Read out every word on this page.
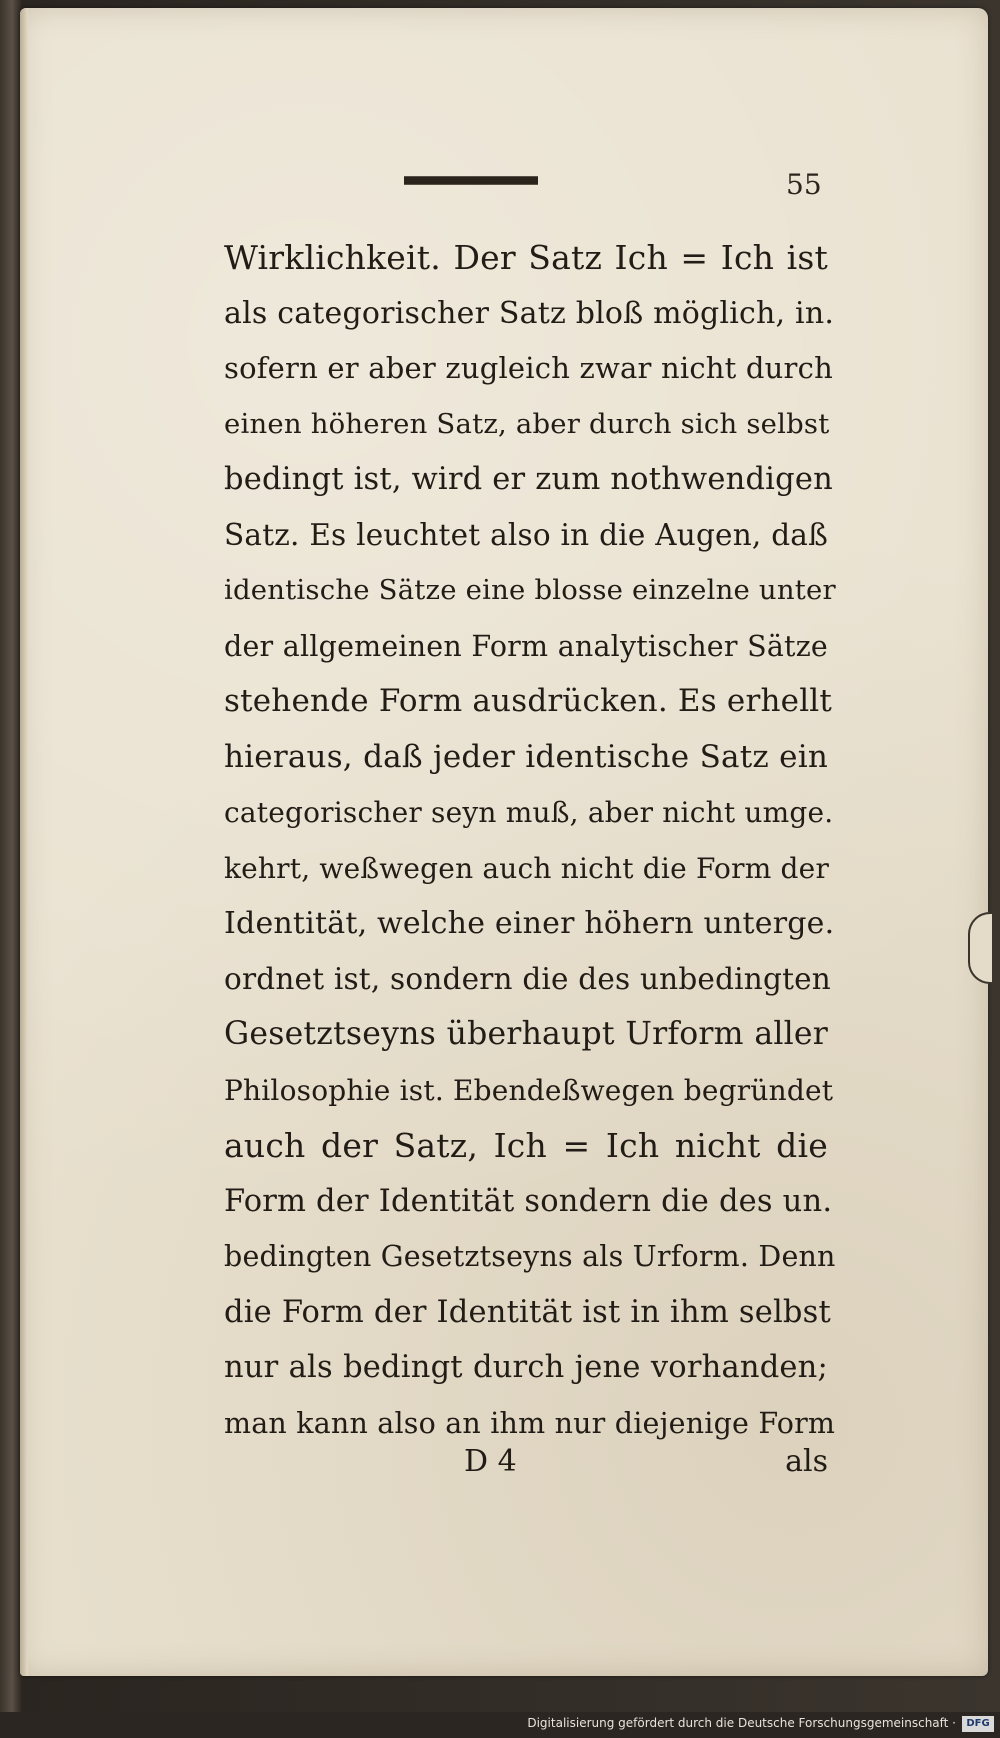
55
Wirklichkeit. Der Satz Ich = Ich ist
als categorischer Satz bloß möglich, in.
sofern er aber zugleich zwar nicht durch
einen höheren Satz, aber durch sich selbst
bedingt ist, wird er zum nothwendigen
Satz. Es leuchtet also in die Augen, daß
identische Sätze eine blosse einzelne unter
der allgemeinen Form analytischer Sätze
stehende Form ausdrücken. Es erhellt
hieraus, daß jeder identische Satz ein
categorischer seyn muß, aber nicht umge.
kehrt, weßwegen auch nicht die Form der
Identität, welche einer höhern unterge.
ordnet ist, sondern die des unbedingten
Gesetztseyns überhaupt Urform aller
Philosophie ist. Ebendeßwegen begründet
auch der Satz, Ich = Ich nicht die
Form der Identität sondern die des un.
bedingten Gesetztseyns als Urform. Denn
die Form der Identität ist in ihm selbst
nur als bedingt durch jene vorhanden;
man kann also an ihm nur diejenige Form
D 4	als
Digitalisierung gefördert durch die Deutsche Forschungsgemeinschaft ·	DFG
